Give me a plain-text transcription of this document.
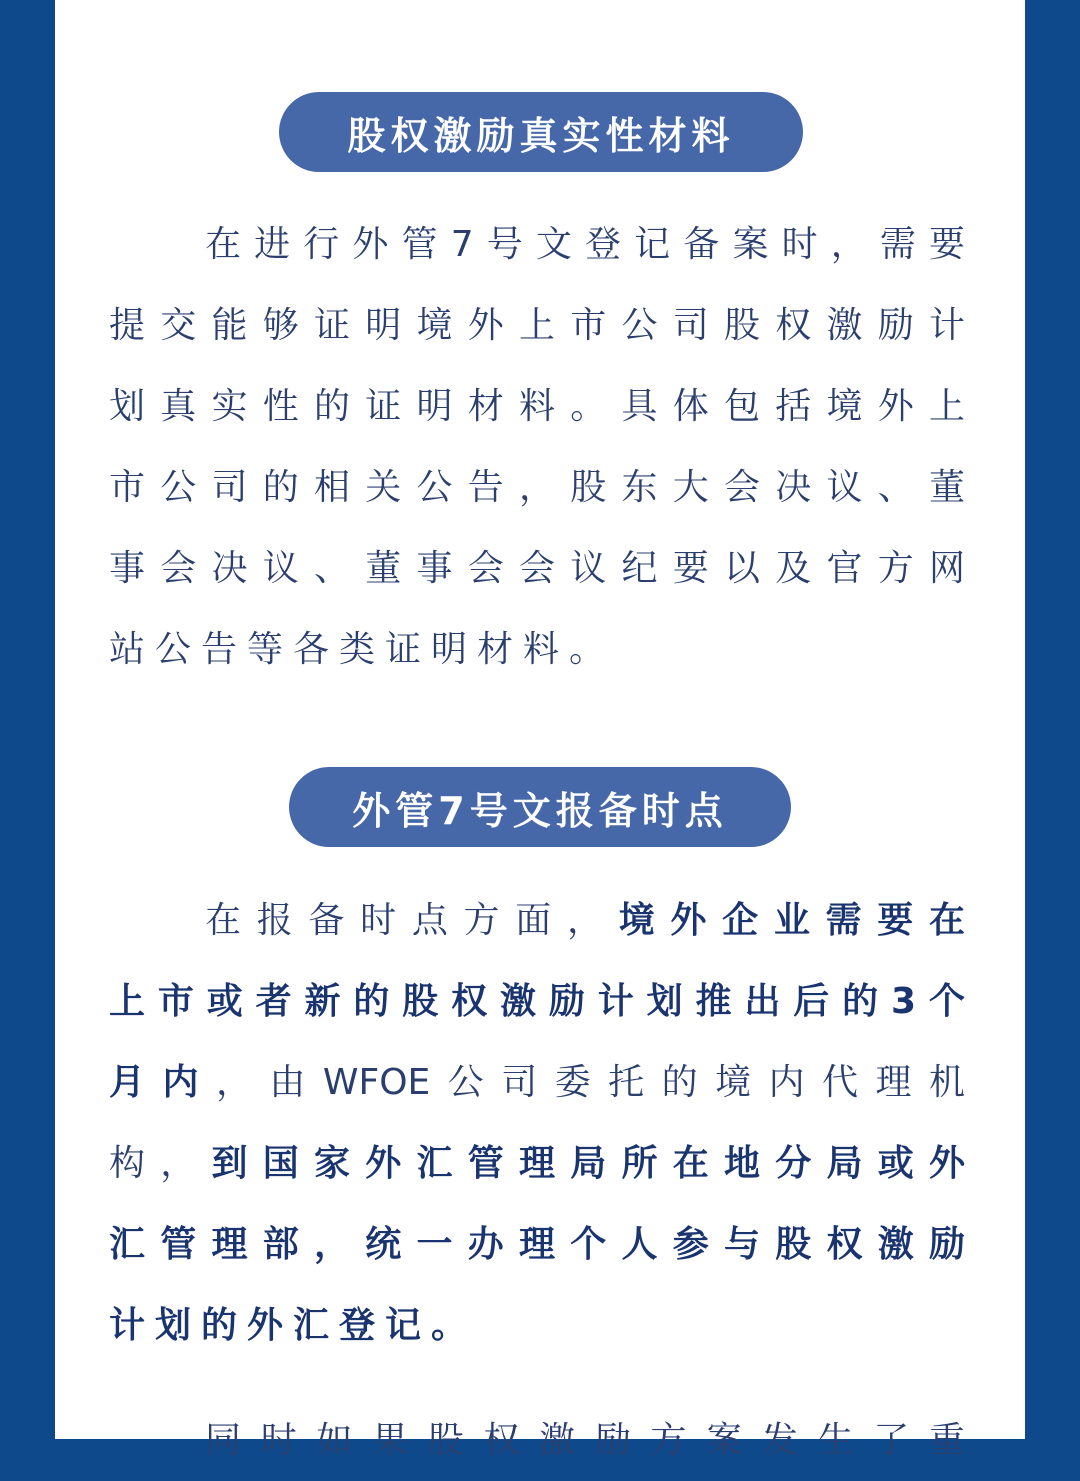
股权激励真实性材料
在进行外管7号文登记备案时，需要
提交能够证明境外上市公司股权激励计
划真实性的证明材料。具体包括境外上
市公司的相关公告，股东大会决议、董
事会决议、董事会会议纪要以及官方网
站公告等各类证明材料。
外管7号文报备时点
在报备时点方面，境外企业需要在
上市或者新的股权激励计划推出后的3个
月内，由WFOE公司委托的境内代理机
构，到国家外汇管理局所在地分局或外
汇管理部，统一办理个人参与股权激励
计划的外汇登记。
同时如果股权激励方案发生了重
